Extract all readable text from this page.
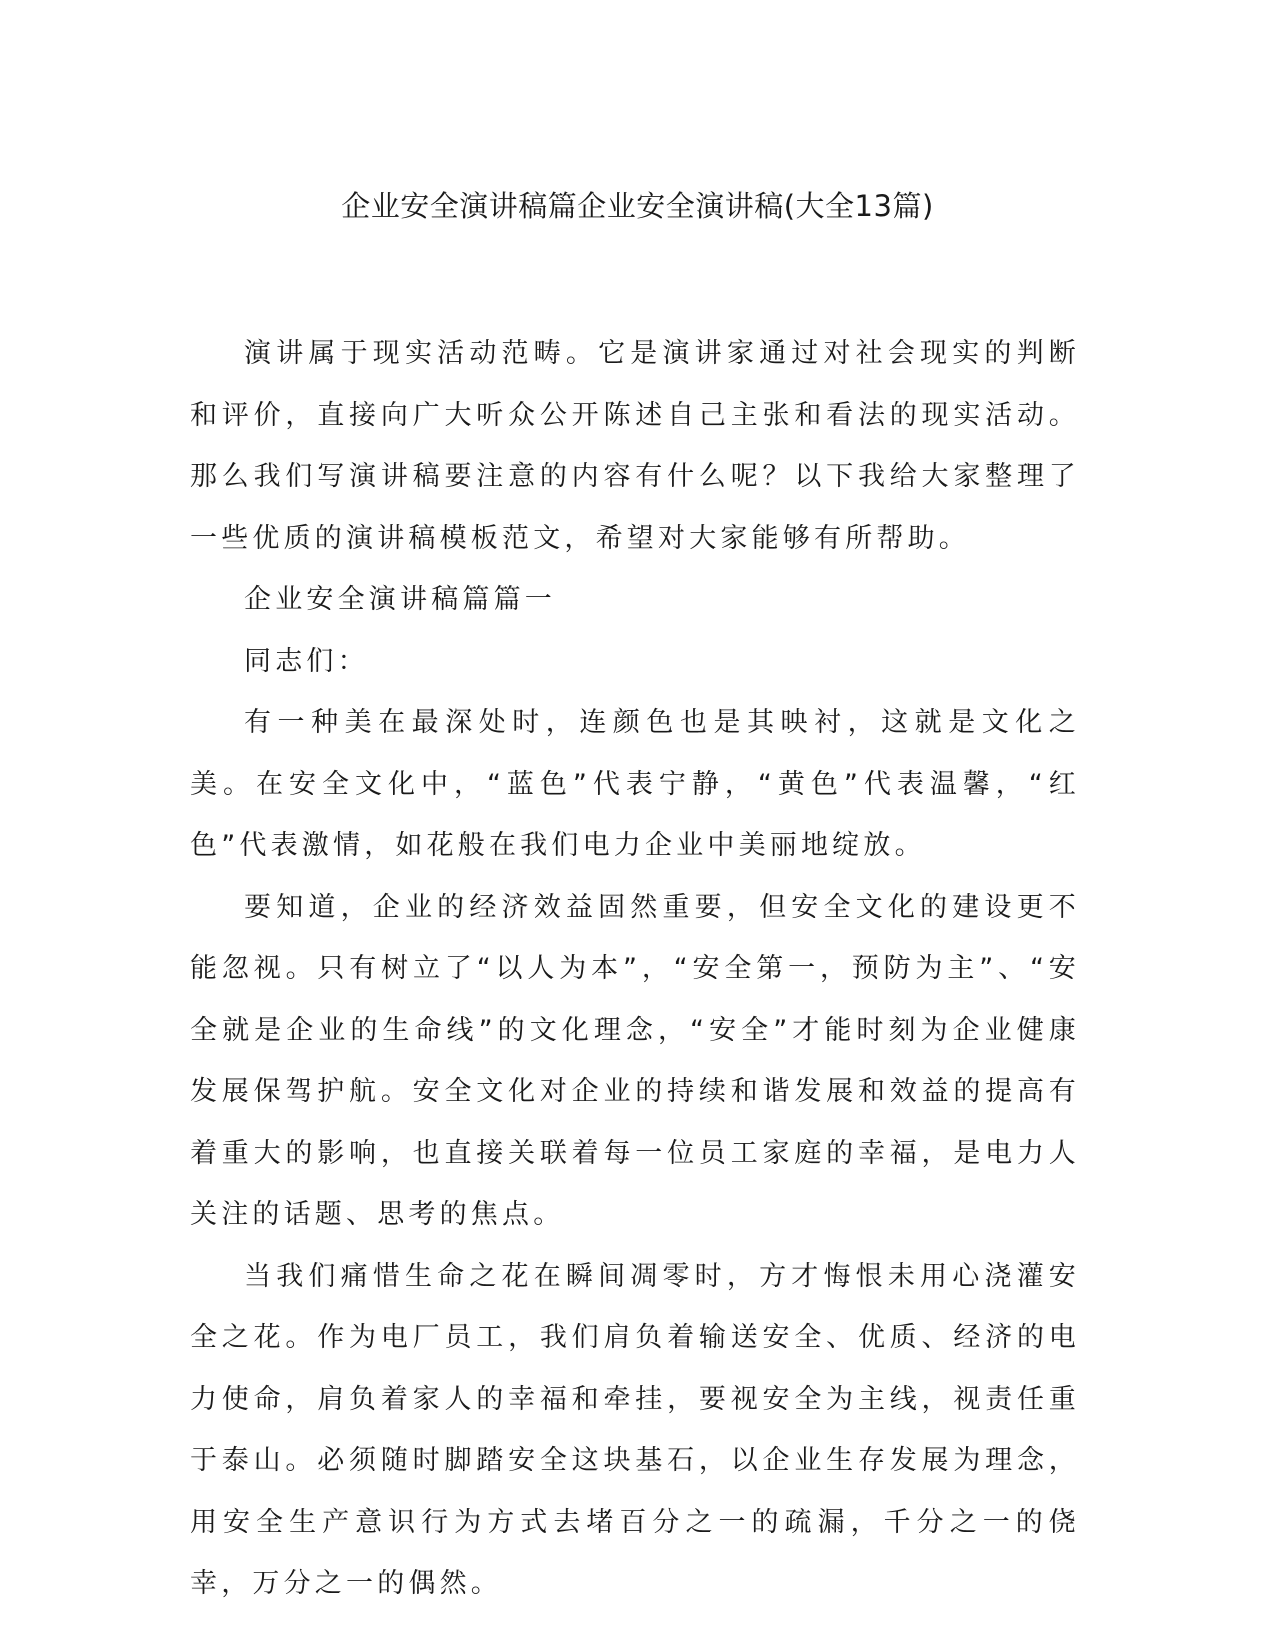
企业安全演讲稿篇企业安全演讲稿(大全13篇)

演讲属于现实活动范畴。它是演讲家通过对社会现实的判断和评价，直接向广大听众公开陈述自己主张和看法的现实活动。那么我们写演讲稿要注意的内容有什么呢？以下我给大家整理了一些优质的演讲稿模板范文，希望对大家能够有所帮助。

企业安全演讲稿篇篇一

同志们：

有一种美在最深处时，连颜色也是其映衬，这就是文化之美。在安全文化中，“蓝色”代表宁静，“黄色”代表温馨，“红色”代表激情，如花般在我们电力企业中美丽地绽放。

要知道，企业的经济效益固然重要，但安全文化的建设更不能忽视。只有树立了“以人为本”，“安全第一，预防为主”、“安全就是企业的生命线”的文化理念，“安全”才能时刻为企业健康发展保驾护航。安全文化对企业的持续和谐发展和效益的提高有着重大的影响，也直接关联着每一位员工家庭的幸福，是电力人关注的话题、思考的焦点。

当我们痛惜生命之花在瞬间凋零时，方才悔恨未用心浇灌安全之花。作为电厂员工，我们肩负着输送安全、优质、经济的电力使命，肩负着家人的幸福和牵挂，要视安全为主线，视责任重于泰山。必须随时脚踏安全这块基石，以企业生存发展为理念，用安全生产意识行为方式去堵百分之一的疏漏，千分之一的侥幸，万分之一的偶然。
